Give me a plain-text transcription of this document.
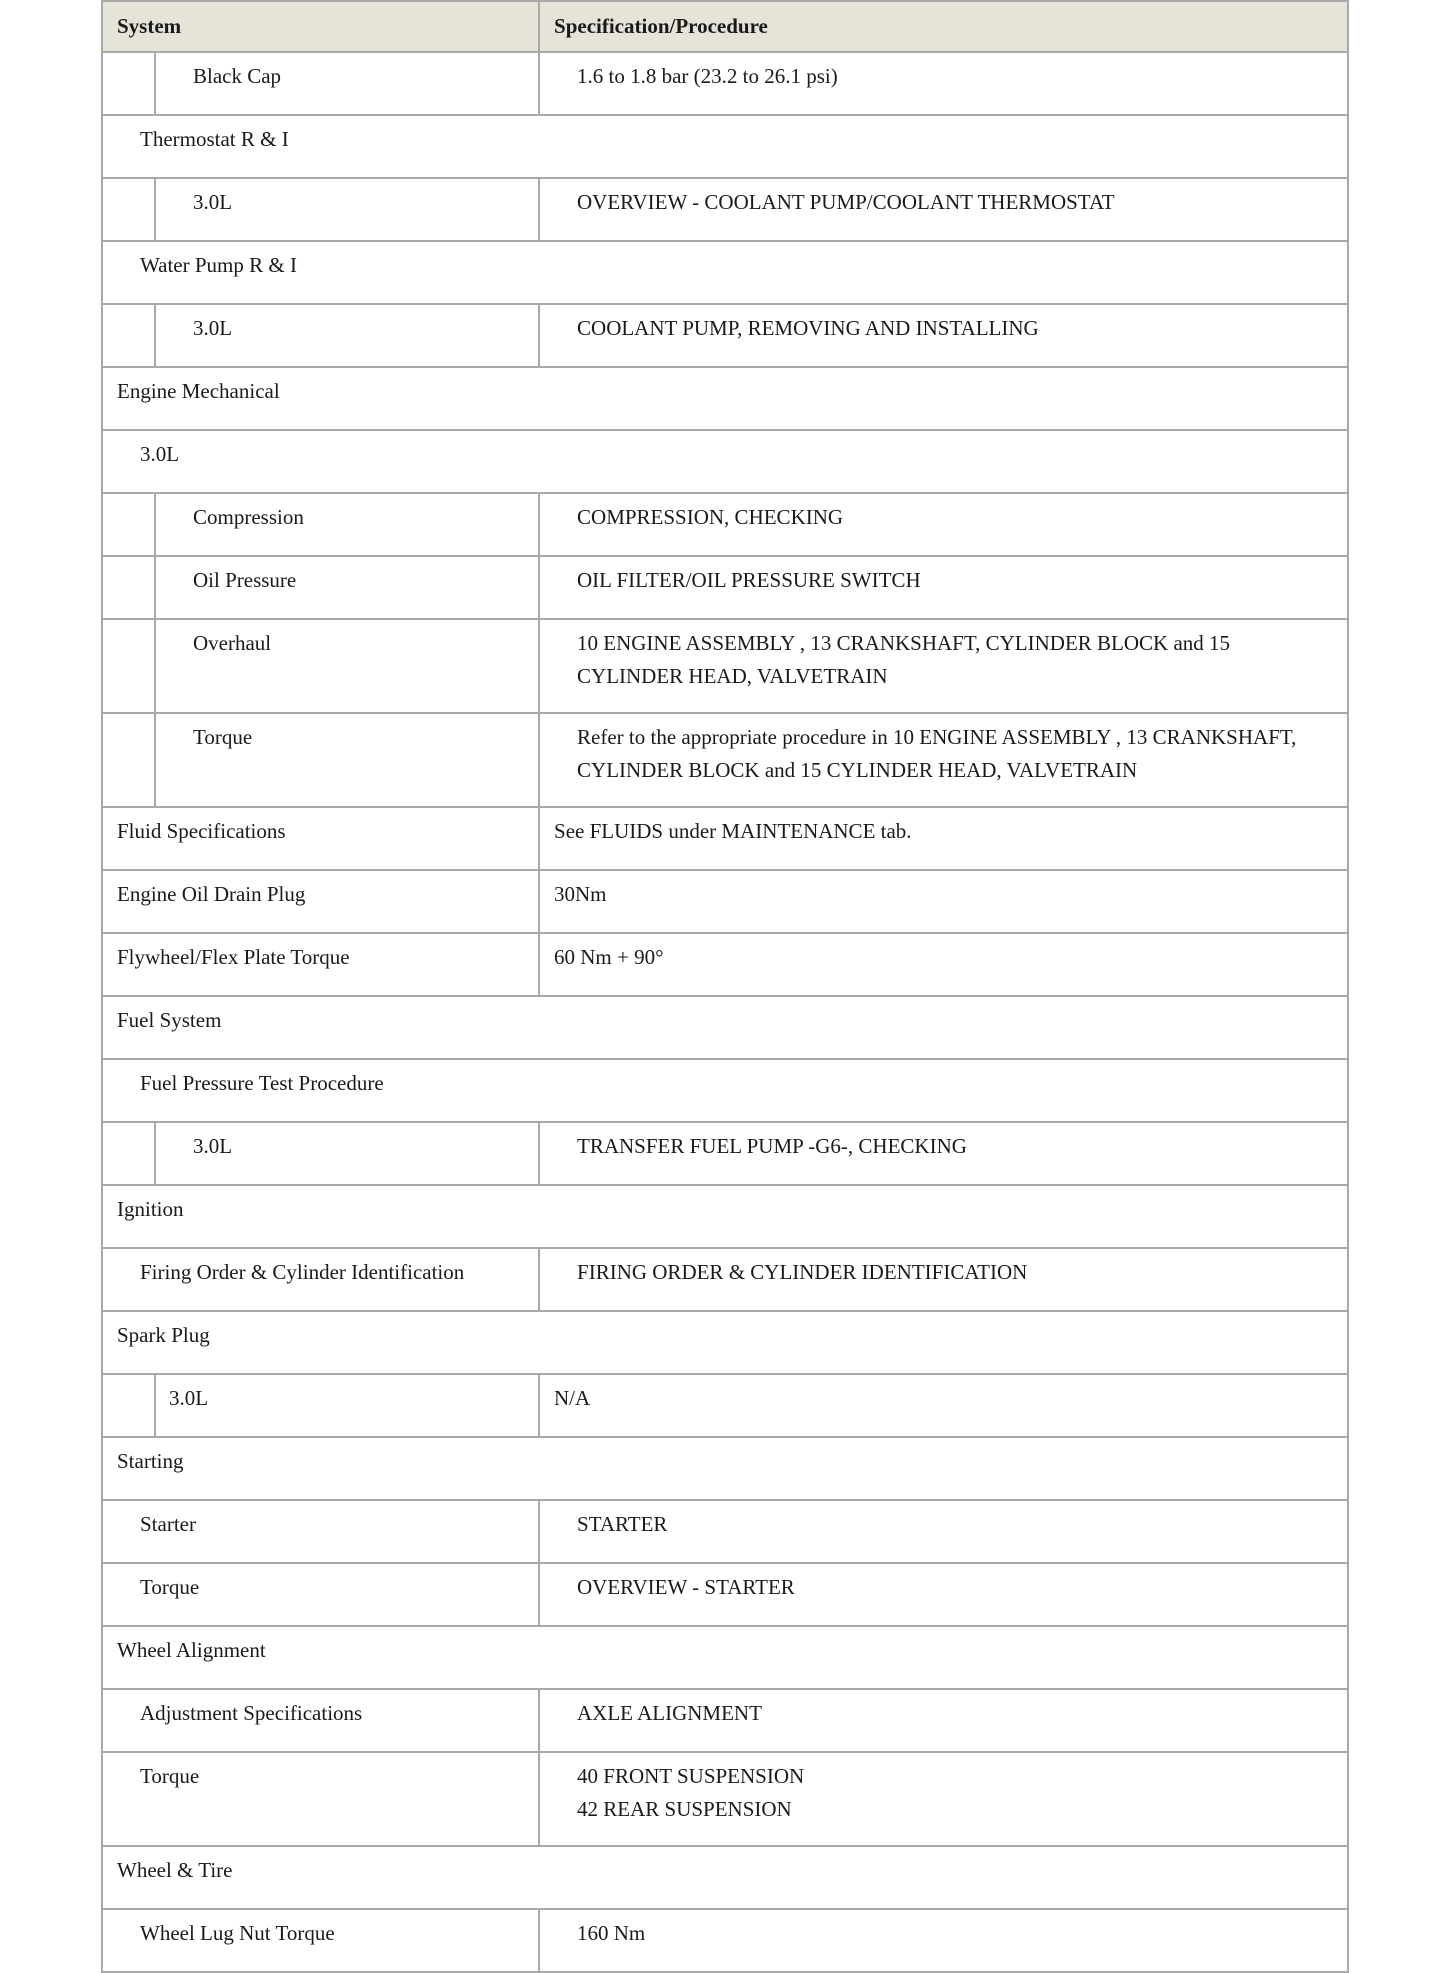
System		Specification/Procedure
	Black Cap	1.6 to 1.8 bar (23.2 to 26.1 psi)
Thermostat R & I		
	3.0L	OVERVIEW - COOLANT PUMP/COOLANT THERMOSTAT
Water Pump R & I		
	3.0L	COOLANT PUMP, REMOVING AND INSTALLING
Engine Mechanical		
3.0L		
	Compression	COMPRESSION, CHECKING
	Oil Pressure	OIL FILTER/OIL PRESSURE SWITCH
	Overhaul	10 ENGINE ASSEMBLY , 13 CRANKSHAFT, CYLINDER BLOCK and 15
CYLINDER HEAD, VALVETRAIN

	Torque	Refer to the appropriate procedure in 10 ENGINE ASSEMBLY , 13 CRANKSHAFT,
CYLINDER BLOCK and 15 CYLINDER HEAD, VALVETRAIN

Fluid Specifications		See FLUIDS under MAINTENANCE tab.
Engine Oil Drain Plug		30Nm
Flywheel/Flex Plate Torque		60 Nm + 90°
Fuel System		
Fuel Pressure Test Procedure		
	3.0L	TRANSFER FUEL PUMP -G6-, CHECKING
Ignition		
Firing Order & Cylinder Identification		FIRING ORDER & CYLINDER IDENTIFICATION
Spark Plug		
	3.0L	N/A
Starting		
Starter		STARTER
Torque		OVERVIEW - STARTER
Wheel Alignment		
Adjustment Specifications		AXLE ALIGNMENT
Torque		40 FRONT SUSPENSION
42 REAR SUSPENSION

Wheel & Tire		
Wheel Lug Nut Torque		160 Nm
